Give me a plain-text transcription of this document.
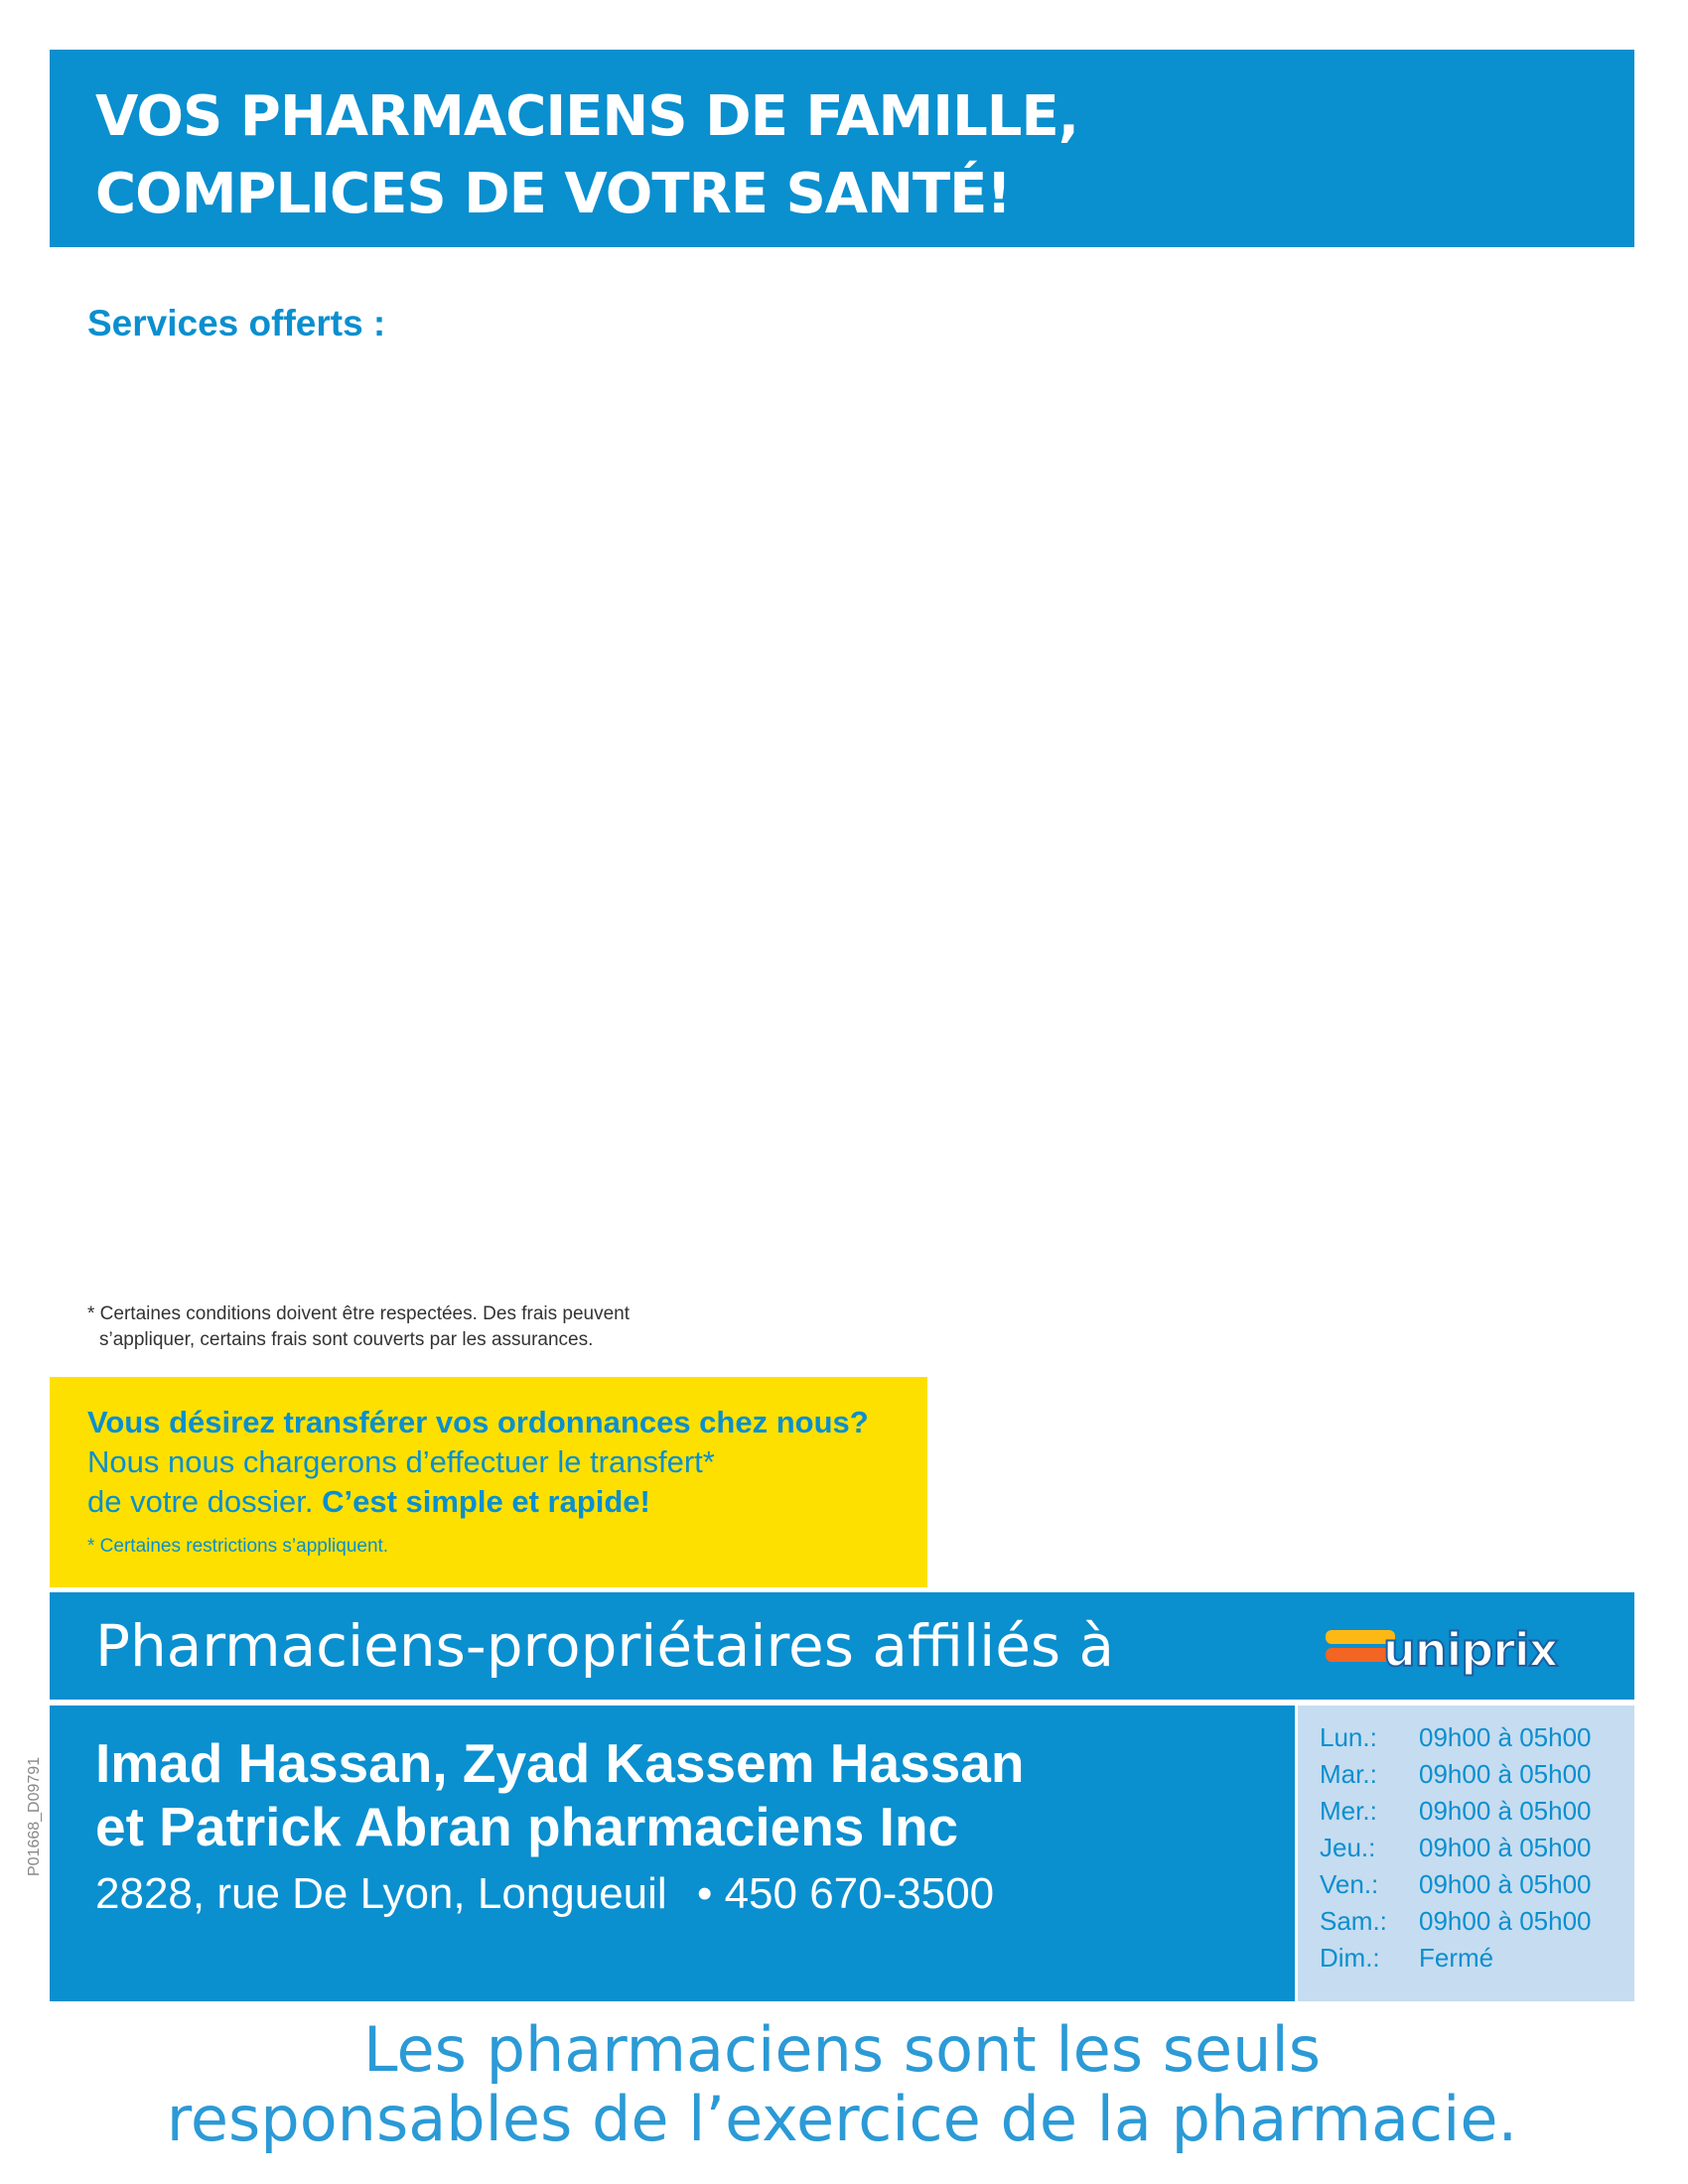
VOS PHARMACIENS DE FAMILLE,
COMPLICES DE VOTRE SANTÉ!
Services offerts :
* Certaines conditions doivent être respectées. Des frais peuvent
s’appliquer, certains frais sont couverts par les assurances.
Vous désirez transférer vos ordonnances chez nous?
Nous nous chargerons d’effectuer le transfert*
de votre dossier. C’est simple et rapide!
* Certaines restrictions s’appliquent.
Pharmaciens-propriétaires affiliés à	uniprix
Imad Hassan, Zyad Kassem Hassan
et Patrick Abran pharmaciens Inc
2828, rue De Lyon, Longueuil • 450 670-3500
Lun.:	09h00 à 05h00
Mar.:	09h00 à 05h00
Mer.:	09h00 à 05h00
Jeu.:	09h00 à 05h00
Ven.:	09h00 à 05h00
Sam.:	09h00 à 05h00
Dim.:	Fermé
P01668_D09791
Les pharmaciens sont les seuls
responsables de l’exercice de la pharmacie.
